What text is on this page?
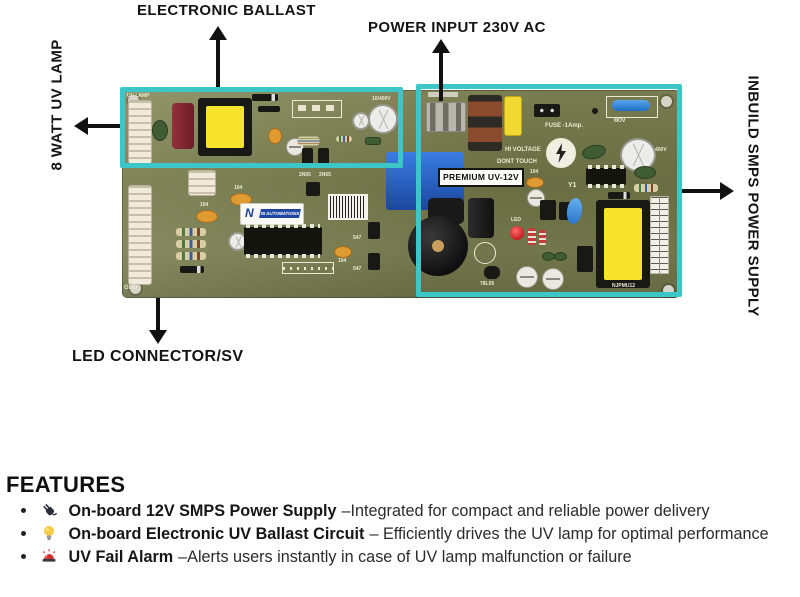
ELECTRONIC BALLAST
POWER INPUT 230V AC
8 WATT UV LAMP	INBUILD SMPS POWER SUPPLY
LED CONNECTOR/SV
UV LAMP	10/400V
2N65 2N65
GND
104
104
N	NI AUTOMATIONS
104
547
547
MOV
FUSE -1Amp.
HI VOLTAGE
DONT TOUCH
400V
Y1
PREMIUM UV-12V	104
LED
78L05	NJPMU12
FEATURES
On-board 12V SMPS Power Supply –Integrated for compact and reliable power delivery
On-board Electronic UV Ballast Circuit – Efficiently drives the UV lamp for optimal performance
UV Fail Alarm –Alerts users instantly in case of UV lamp malfunction or failure
